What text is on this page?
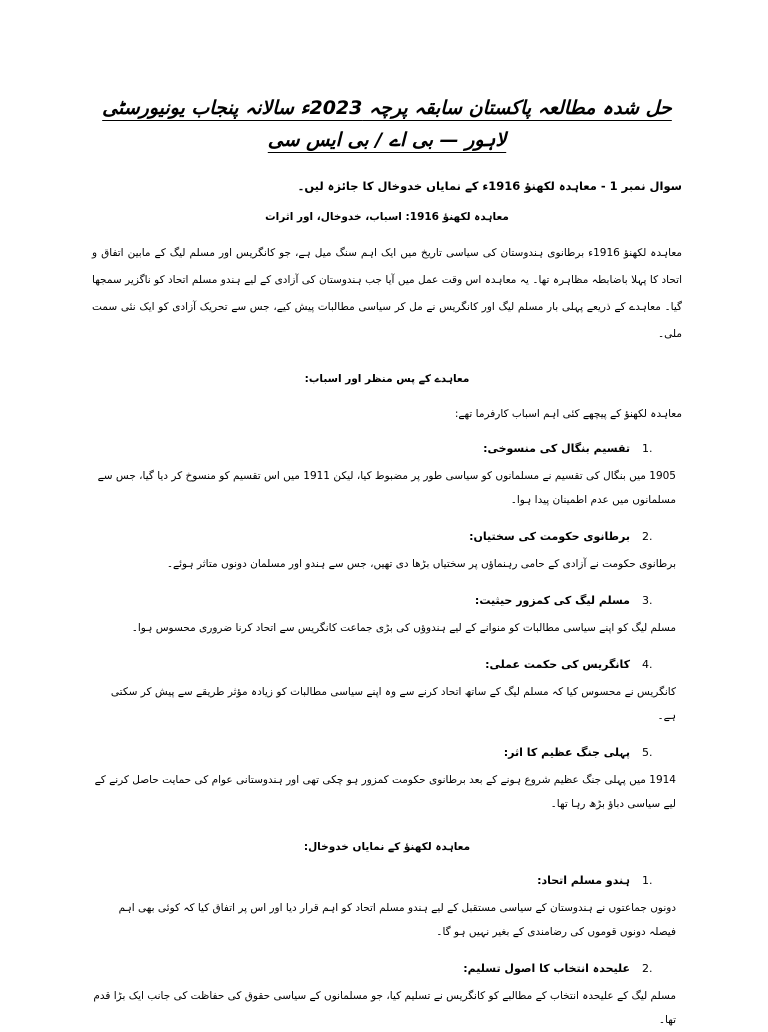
حل شدہ مطالعہ پاکستان سابقہ پرچہ 2023ء سالانہ پنجاب یونیورسٹی لاہور — بی اے / بی ایس سی
سوال نمبر 1 - معاہدہ لکھنؤ 1916ء کے نمایاں خدوخال کا جائزہ لیں۔
معاہدہ لکھنؤ 1916: اسباب، خدوخال، اور اثرات

معاہدہ لکھنؤ 1916ء برطانوی ہندوستان کی سیاسی تاریخ میں ایک اہم سنگ میل ہے، جو کانگریس اور مسلم لیگ کے مابین اتفاق و اتحاد کا پہلا باضابطہ مظاہرہ تھا۔ یہ معاہدہ اس وقت عمل میں آیا جب ہندوستان کی آزادی کے لیے ہندو مسلم اتحاد کو ناگزیر سمجھا گیا۔ معاہدے کے ذریعے پہلی بار مسلم لیگ اور کانگریس نے مل کر سیاسی مطالبات پیش کیے، جس سے تحریک آزادی کو ایک نئی سمت ملی۔

معاہدے کے پس منظر اور اسباب:
معاہدہ لکھنؤ کے پیچھے کئی اہم اسباب کارفرما تھے:
1.
تقسیم بنگال کی منسوخی:
1905 میں بنگال کی تقسیم نے مسلمانوں کو سیاسی طور پر مضبوط کیا، لیکن 1911 میں اس تقسیم کو منسوخ کر دیا گیا، جس سے مسلمانوں میں عدم اطمینان پیدا ہوا۔
2.
برطانوی حکومت کی سختیاں:
برطانوی حکومت نے آزادی کے حامی رہنماؤں پر سختیاں بڑھا دی تھیں، جس سے ہندو اور مسلمان دونوں متاثر ہوئے۔
3.
مسلم لیگ کی کمزور حیثیت:
مسلم لیگ کو اپنے سیاسی مطالبات کو منوانے کے لیے ہندوؤں کی بڑی جماعت کانگریس سے اتحاد کرنا ضروری محسوس ہوا۔
4.
کانگریس کی حکمت عملی:
کانگریس نے محسوس کیا کہ مسلم لیگ کے ساتھ اتحاد کرنے سے وہ اپنے سیاسی مطالبات کو زیادہ مؤثر طریقے سے پیش کر سکتی ہے۔
5.
پہلی جنگ عظیم کا اثر:
1914 میں پہلی جنگ عظیم شروع ہونے کے بعد برطانوی حکومت کمزور ہو چکی تھی اور ہندوستانی عوام کی حمایت حاصل کرنے کے لیے سیاسی دباؤ بڑھ رہا تھا۔
معاہدہ لکھنؤ کے نمایاں خدوخال:
1.
ہندو مسلم اتحاد:
دونوں جماعتوں نے ہندوستان کے سیاسی مستقبل کے لیے ہندو مسلم اتحاد کو اہم قرار دیا اور اس پر اتفاق کیا کہ کوئی بھی اہم فیصلہ دونوں قوموں کی رضامندی کے بغیر نہیں ہو گا۔
2.
علیحدہ انتخاب کا اصول تسلیم:
مسلم لیگ کے علیحدہ انتخاب کے مطالبے کو کانگریس نے تسلیم کیا، جو مسلمانوں کے سیاسی حقوق کی حفاظت کی جانب ایک بڑا قدم تھا۔
